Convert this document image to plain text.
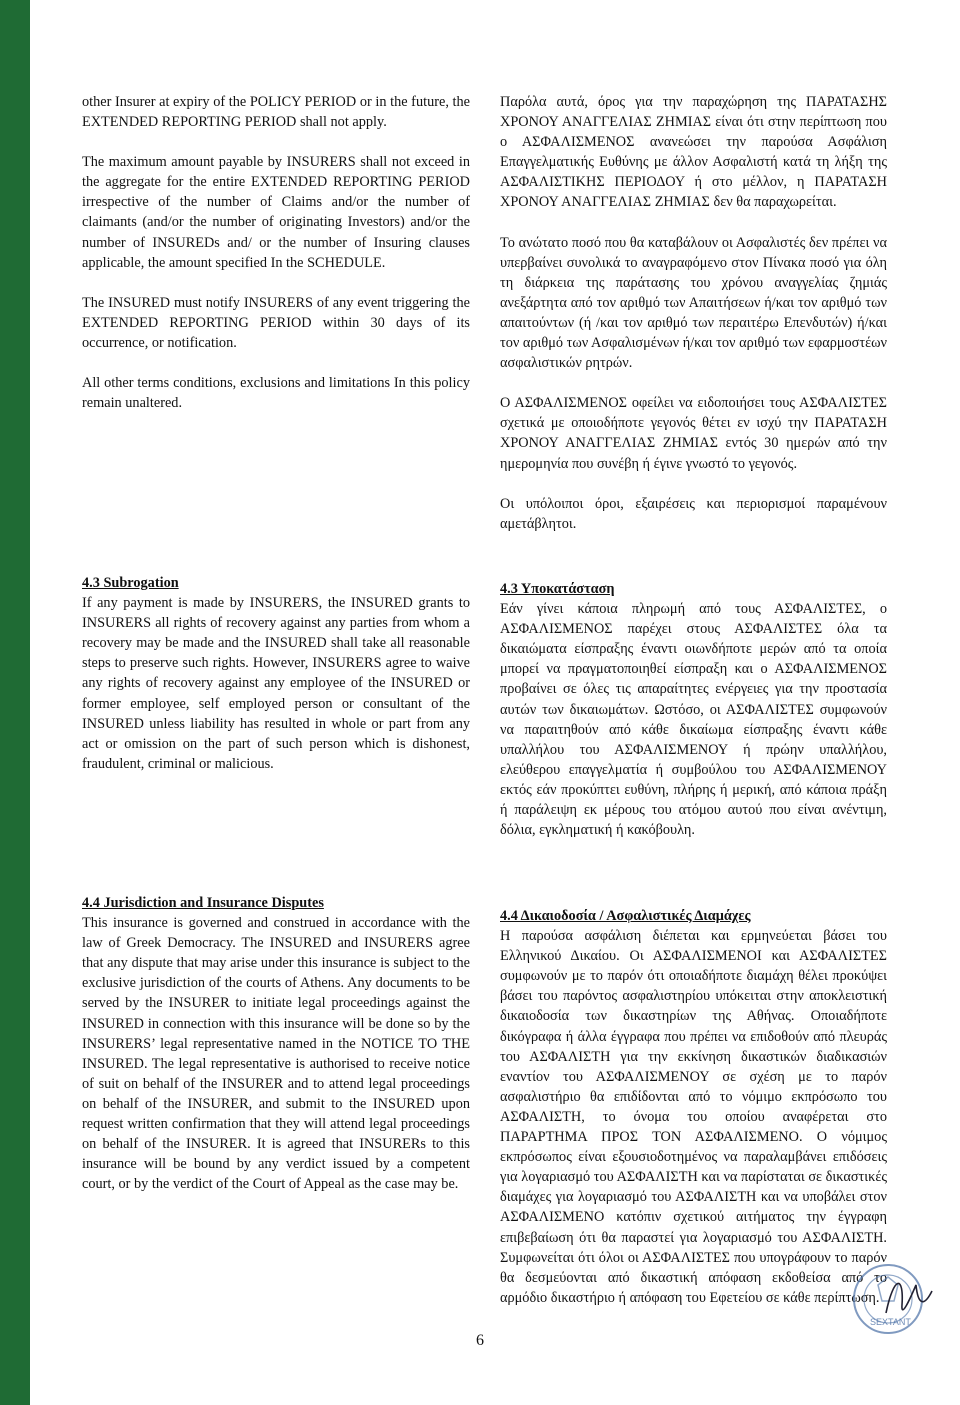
other Insurer at expiry of the POLICY PERIOD or in the future, the EXTENDED REPORTING PERIOD shall not apply.

The maximum amount payable by INSURERS shall not exceed in the aggregate for the entire EXTENDED REPORTING PERIOD irrespective of the number of Claims and/or the number of claimants (and/or the number of originating Investors) and/or the number of INSUREDs and/ or the number of Insuring clauses applicable, the amount specified In the SCHEDULE.

The INSURED must notify INSURERS of any event triggering the EXTENDED REPORTING PERIOD within 30 days of its occurrence, or notification.

All other terms conditions, exclusions and limitations In this policy remain unaltered.

Παρόλα αυτά, όρος για την παραχώρηση της ΠΑΡΑΤΑΣΗΣ ΧΡΟΝΟΥ ΑΝΑΓΓΕΛΙΑΣ ΖΗΜΙΑΣ είναι ότι στην περίπτωση που ο ΑΣΦΑΛΙΣΜΕΝΟΣ ανανεώσει την παρούσα Ασφάλιση Επαγγελματικής Ευθύνης με άλλον Ασφαλιστή κατά τη λήξη της ΑΣΦΑΛΙΣΤΙΚΗΣ ΠΕΡΙΟΔΟΥ ή στο μέλλον, η ΠΑΡΑΤΑΣΗ ΧΡΟΝΟΥ ΑΝΑΓΓΕΛΙΑΣ ΖΗΜΙΑΣ δεν θα παραχωρείται.

Το ανώτατο ποσό που θα καταβάλουν οι Ασφαλιστές δεν πρέπει να υπερβαίνει συνολικά το αναγραφόμενο στον Πίνακα ποσό για όλη τη διάρκεια της παράτασης του χρόνου αναγγελίας ζημιάς ανεξάρτητα από τον αριθμό των Απαιτήσεων ή/και τον αριθμό των απαιτούντων (ή /και τον αριθμό των περαιτέρω Επενδυτών) ή/και τον αριθμό των Ασφαλισμένων ή/και τον αριθμό των εφαρμοστέων ασφαλιστικών ρητρών.

Ο ΑΣΦΑΛΙΣΜΕΝΟΣ οφείλει να ειδοποιήσει τους ΑΣΦΑΛΙΣΤΕΣ σχετικά με οποιοδήποτε γεγονός θέτει εν ισχύ την ΠΑΡΑΤΑΣΗ ΧΡΟΝΟΥ ΑΝΑΓΓΕΛΙΑΣ ΖΗΜΙΑΣ εντός 30 ημερών από την ημερομηνία που συνέβη ή έγινε γνωστό το γεγονός.

Οι υπόλοιποι όροι, εξαιρέσεις και περιορισμοί παραμένουν αμετάβλητοι.

4.3 Subrogation

If any payment is made by INSURERS, the INSURED grants to INSURERS all rights of recovery against any parties from whom a recovery may be made and the INSURED shall take all reasonable steps to preserve such rights. However, INSURERS agree to waive any rights of recovery against any employee of the INSURED or former employee, self employed person or consultant of the INSURED unless liability has resulted in whole or part from any act or omission on the part of such person which is dishonest, fraudulent, criminal or malicious.

4.3 Υποκατάσταση

Εάν γίνει κάποια πληρωμή από τους ΑΣΦΑΛΙΣΤΕΣ, ο ΑΣΦΑΛΙΣΜΕΝΟΣ παρέχει στους ΑΣΦΑΛΙΣΤΕΣ όλα τα δικαιώματα είσπραξης έναντι οιωνδήποτε μερών από τα οποία μπορεί να πραγματοποιηθεί είσπραξη και ο ΑΣΦΑΛΙΣΜΕΝΟΣ προβαίνει σε όλες τις απαραίτητες ενέργειες για την προστασία αυτών των δικαιωμάτων. Ωστόσο, οι ΑΣΦΑΛΙΣΤΕΣ συμφωνούν να παραιτηθούν από κάθε δικαίωμα είσπραξης έναντι κάθε υπαλλήλου του ΑΣΦΑΛΙΣΜΕΝΟΥ ή πρώην υπαλλήλου, ελεύθερου επαγγελματία ή συμβούλου του ΑΣΦΑΛΙΣΜΕΝΟΥ εκτός εάν προκύπτει ευθύνη, πλήρης ή μερική, από κάποια πράξη ή παράλειψη εκ μέρους του ατόμου αυτού που είναι ανέντιμη, δόλια, εγκληματική ή κακόβουλη.

4.4 Jurisdiction and Insurance Disputes

This insurance is governed and construed in accordance with the law of Greek Democracy. The INSURED and INSURERS agree that any dispute that may arise under this insurance is subject to the exclusive jurisdiction of the courts of Athens. Any documents to be served by the INSURER to initiate legal proceedings against the INSURED in connection with this insurance will be done so by the INSURERS’ legal representative named in the NOTICE TO THE INSURED. The legal representative is authorised to receive notice of suit on behalf of the INSURER and to attend legal proceedings on behalf of the INSURER, and submit to the INSURED upon request written confirmation that they will attend legal proceedings on behalf of the INSURER. It is agreed that INSURERs to this insurance will be bound by any verdict issued by a competent court, or by the verdict of the Court of Appeal as the case may be.

4.4 Δικαιοδοσία / Ασφαλιστικές Διαμάχες

Η παρούσα ασφάλιση διέπεται και ερμηνεύεται βάσει του Ελληνικού Δικαίου. Οι ΑΣΦΑΛΙΣΜΕΝΟΙ και ΑΣΦΑΛΙΣΤΕΣ συμφωνούν με το παρόν ότι οποιαδήποτε διαμάχη θέλει προκύψει βάσει του παρόντος ασφαλιστηρίου υπόκειται στην αποκλειστική δικαιοδοσία των δικαστηρίων της Αθήνας. Οποιαδήποτε δικόγραφα ή άλλα έγγραφα που πρέπει να επιδοθούν από πλευράς του ΑΣΦΑΛΙΣΤΗ για την εκκίνηση δικαστικών διαδικασιών εναντίον του ΑΣΦΑΛΙΣΜΕΝΟΥ σε σχέση με το παρόν ασφαλιστήριο θα επιδίδονται από το νόμιμο εκπρόσωπο του ΑΣΦΑΛΙΣΤΗ, το όνομα του οποίου αναφέρεται στο ΠΑΡΑΡΤΗΜΑ ΠΡΟΣ ΤΟΝ ΑΣΦΑΛΙΣΜΕΝΟ. Ο νόμιμος εκπρόσωπος είναι εξουσιοδοτημένος να παραλαμβάνει επιδόσεις για λογαριασμό του ΑΣΦΑΛΙΣΤΗ και να παρίσταται σε δικαστικές διαμάχες για λογαριασμό του ΑΣΦΑΛΙΣΤΗ και να υποβάλει στον ΑΣΦΑΛΙΣΜΕΝΟ κατόπιν σχετικού αιτήματος την έγγραφη επιβεβαίωση ότι θα παραστεί για λογαριασμό του ΑΣΦΑΛΙΣΤΗ. Συμφωνείται ότι όλοι οι ΑΣΦΑΛΙΣΤΕΣ που υπογράφουν το παρόν θα δεσμεύονται από δικαστική απόφαση εκδοθείσα από το αρμόδιο δικαστήριο ή απόφαση του Εφετείου σε κάθε περίπτωση.

6
SEXTANT
